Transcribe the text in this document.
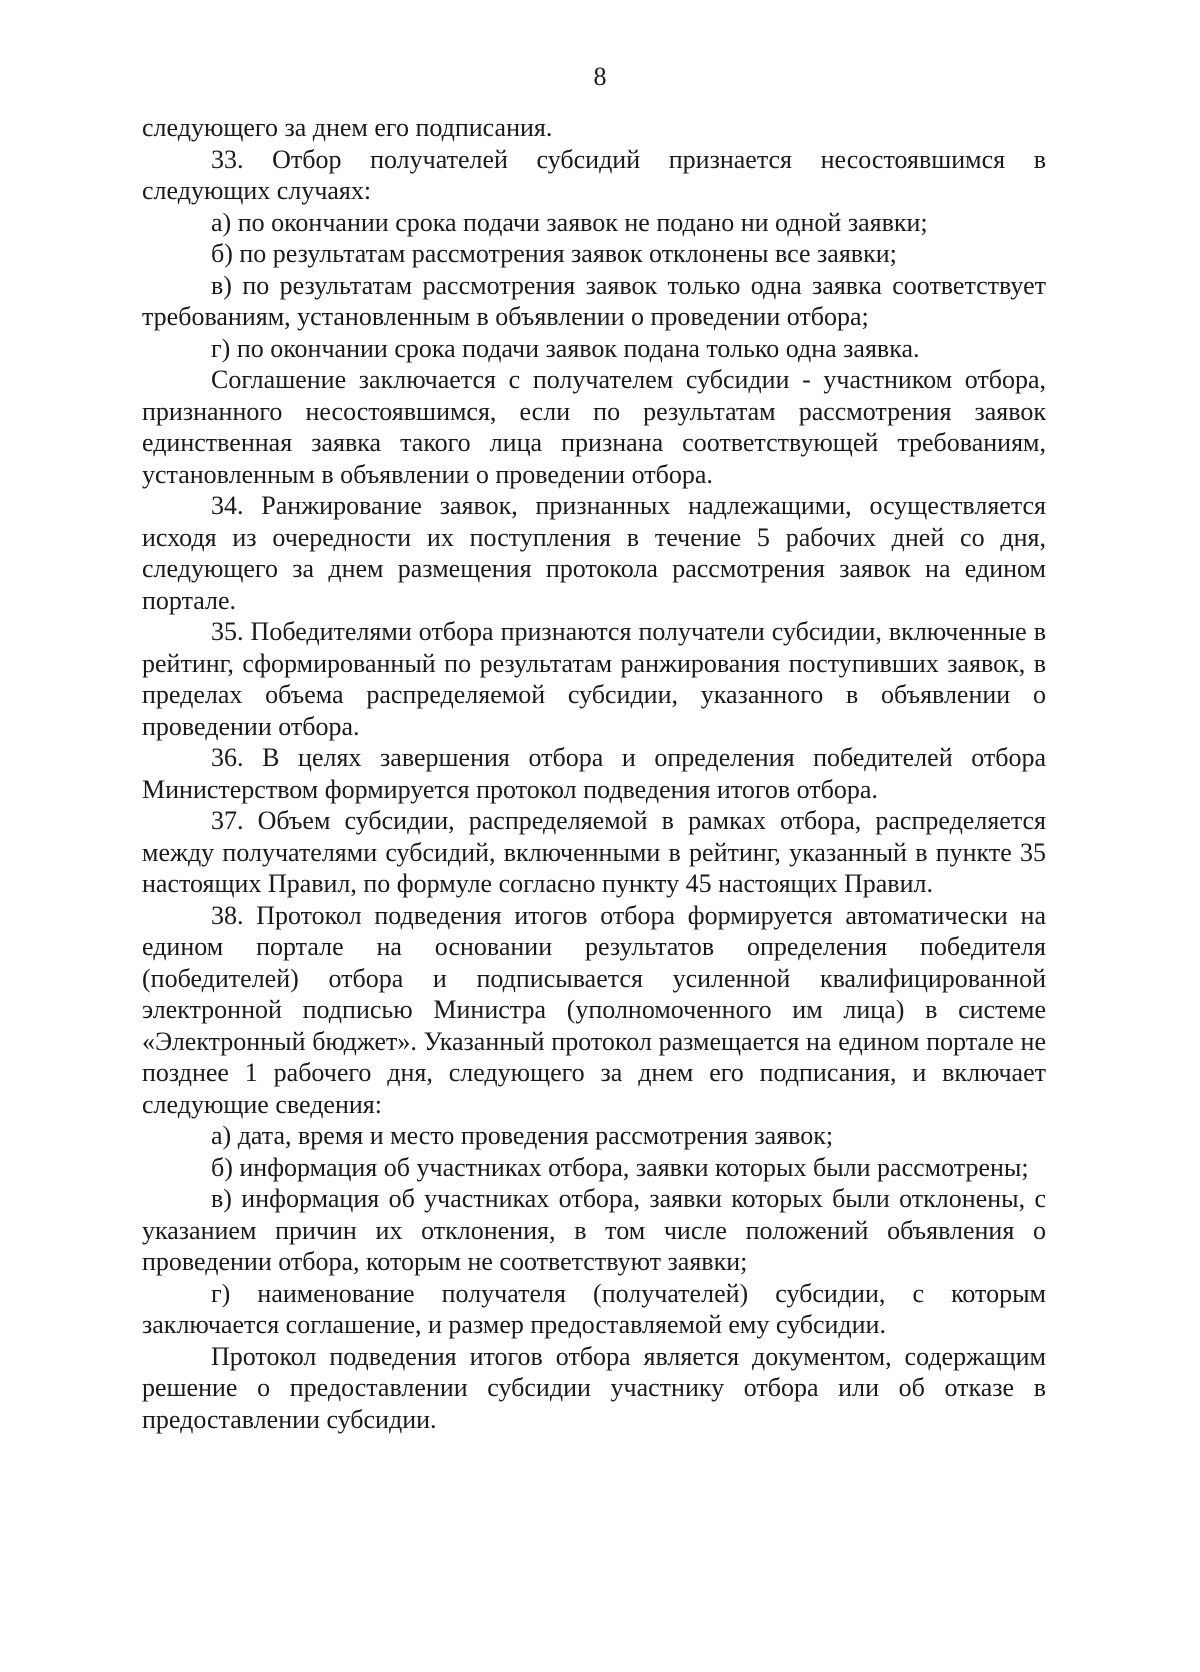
8

следующего за днем его подписания.

33. Отбор получателей субсидий признается несостоявшимся в следующих случаях:

а) по окончании срока подачи заявок не подано ни одной заявки;

б) по результатам рассмотрения заявок отклонены все заявки;

в) по результатам рассмотрения заявок только одна заявка соответствует требованиям, установленным в объявлении о проведении отбора;

г) по окончании срока подачи заявок подана только одна заявка.

Соглашение заключается с получателем субсидии - участником отбора, признанного несостоявшимся, если по результатам рассмотрения заявок единственная заявка такого лица признана соответствующей требованиям, установленным в объявлении о проведении отбора.

34. Ранжирование заявок, признанных надлежащими, осуществляется исходя из очередности их поступления в течение 5 рабочих дней со дня, следующего за днем размещения протокола рассмотрения заявок на едином портале.

35. Победителями отбора признаются получатели субсидии, включенные в рейтинг, сформированный по результатам ранжирования поступивших заявок, в пределах объема распределяемой субсидии, указанного в объявлении о проведении отбора.

36. В целях завершения отбора и определения победителей отбора Министерством формируется протокол подведения итогов отбора.

37. Объем субсидии, распределяемой в рамках отбора, распределяется между получателями субсидий, включенными в рейтинг, указанный в пункте 35 настоящих Правил, по формуле согласно пункту 45 настоящих Правил.

38. Протокол подведения итогов отбора формируется автоматически на едином портале на основании результатов определения победителя (победителей) отбора и подписывается усиленной квалифицированной электронной подписью Министра (уполномоченного им лица) в системе «Электронный бюджет». Указанный протокол размещается на едином портале не позднее 1 рабочего дня, следующего за днем его подписания, и включает следующие сведения:

а) дата, время и место проведения рассмотрения заявок;

б) информация об участниках отбора, заявки которых были рассмотрены;

в) информация об участниках отбора, заявки которых были отклонены, с указанием причин их отклонения, в том числе положений объявления о проведении отбора, которым не соответствуют заявки;

г) наименование получателя (получателей) субсидии, с которым заключается соглашение, и размер предоставляемой ему субсидии.

Протокол подведения итогов отбора является документом, содержащим решение о предоставлении субсидии участнику отбора или об отказе в предоставлении субсидии.
